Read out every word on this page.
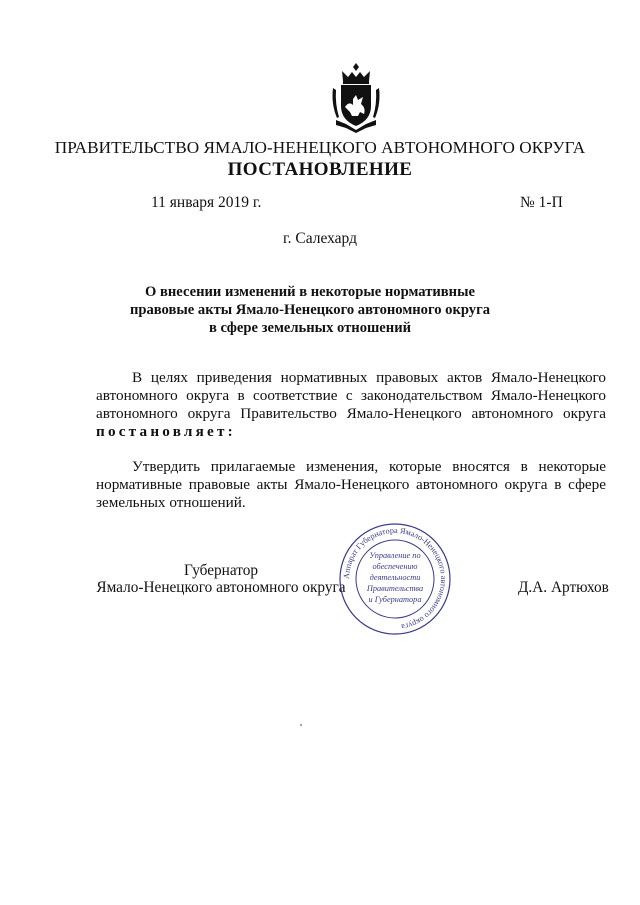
ПРАВИТЕЛЬСТВО ЯМАЛО-НЕНЕЦКОГО АВТОНОМНОГО ОКРУГА
ПОСТАНОВЛЕНИЕ
11 января 2019 г.	№ 1-П
г. Салехард
О внесении изменений в некоторые нормативные
правовые акты Ямало-Ненецкого автономного округа
в сфере земельных отношений
В целях приведения нормативных правовых актов Ямало-Ненецкого
автономного округа в соответствие с законодательством Ямало-Ненецкого
автономного округа Правительство Ямало-Ненецкого автономного округа
постановляет:
Утвердить прилагаемые изменения, которые вносятся в некоторые
нормативные правовые акты Ямало-Ненецкого автономного округа в сфере
земельных отношений.
Губернатор
Ямало-Ненецкого автономного округа	Д.А. Артюхов
Аппарат Губернатора Ямало-Ненецкого автономного округа
Управление по
обеспечению
деятельности
Правительства
и Губернатора
